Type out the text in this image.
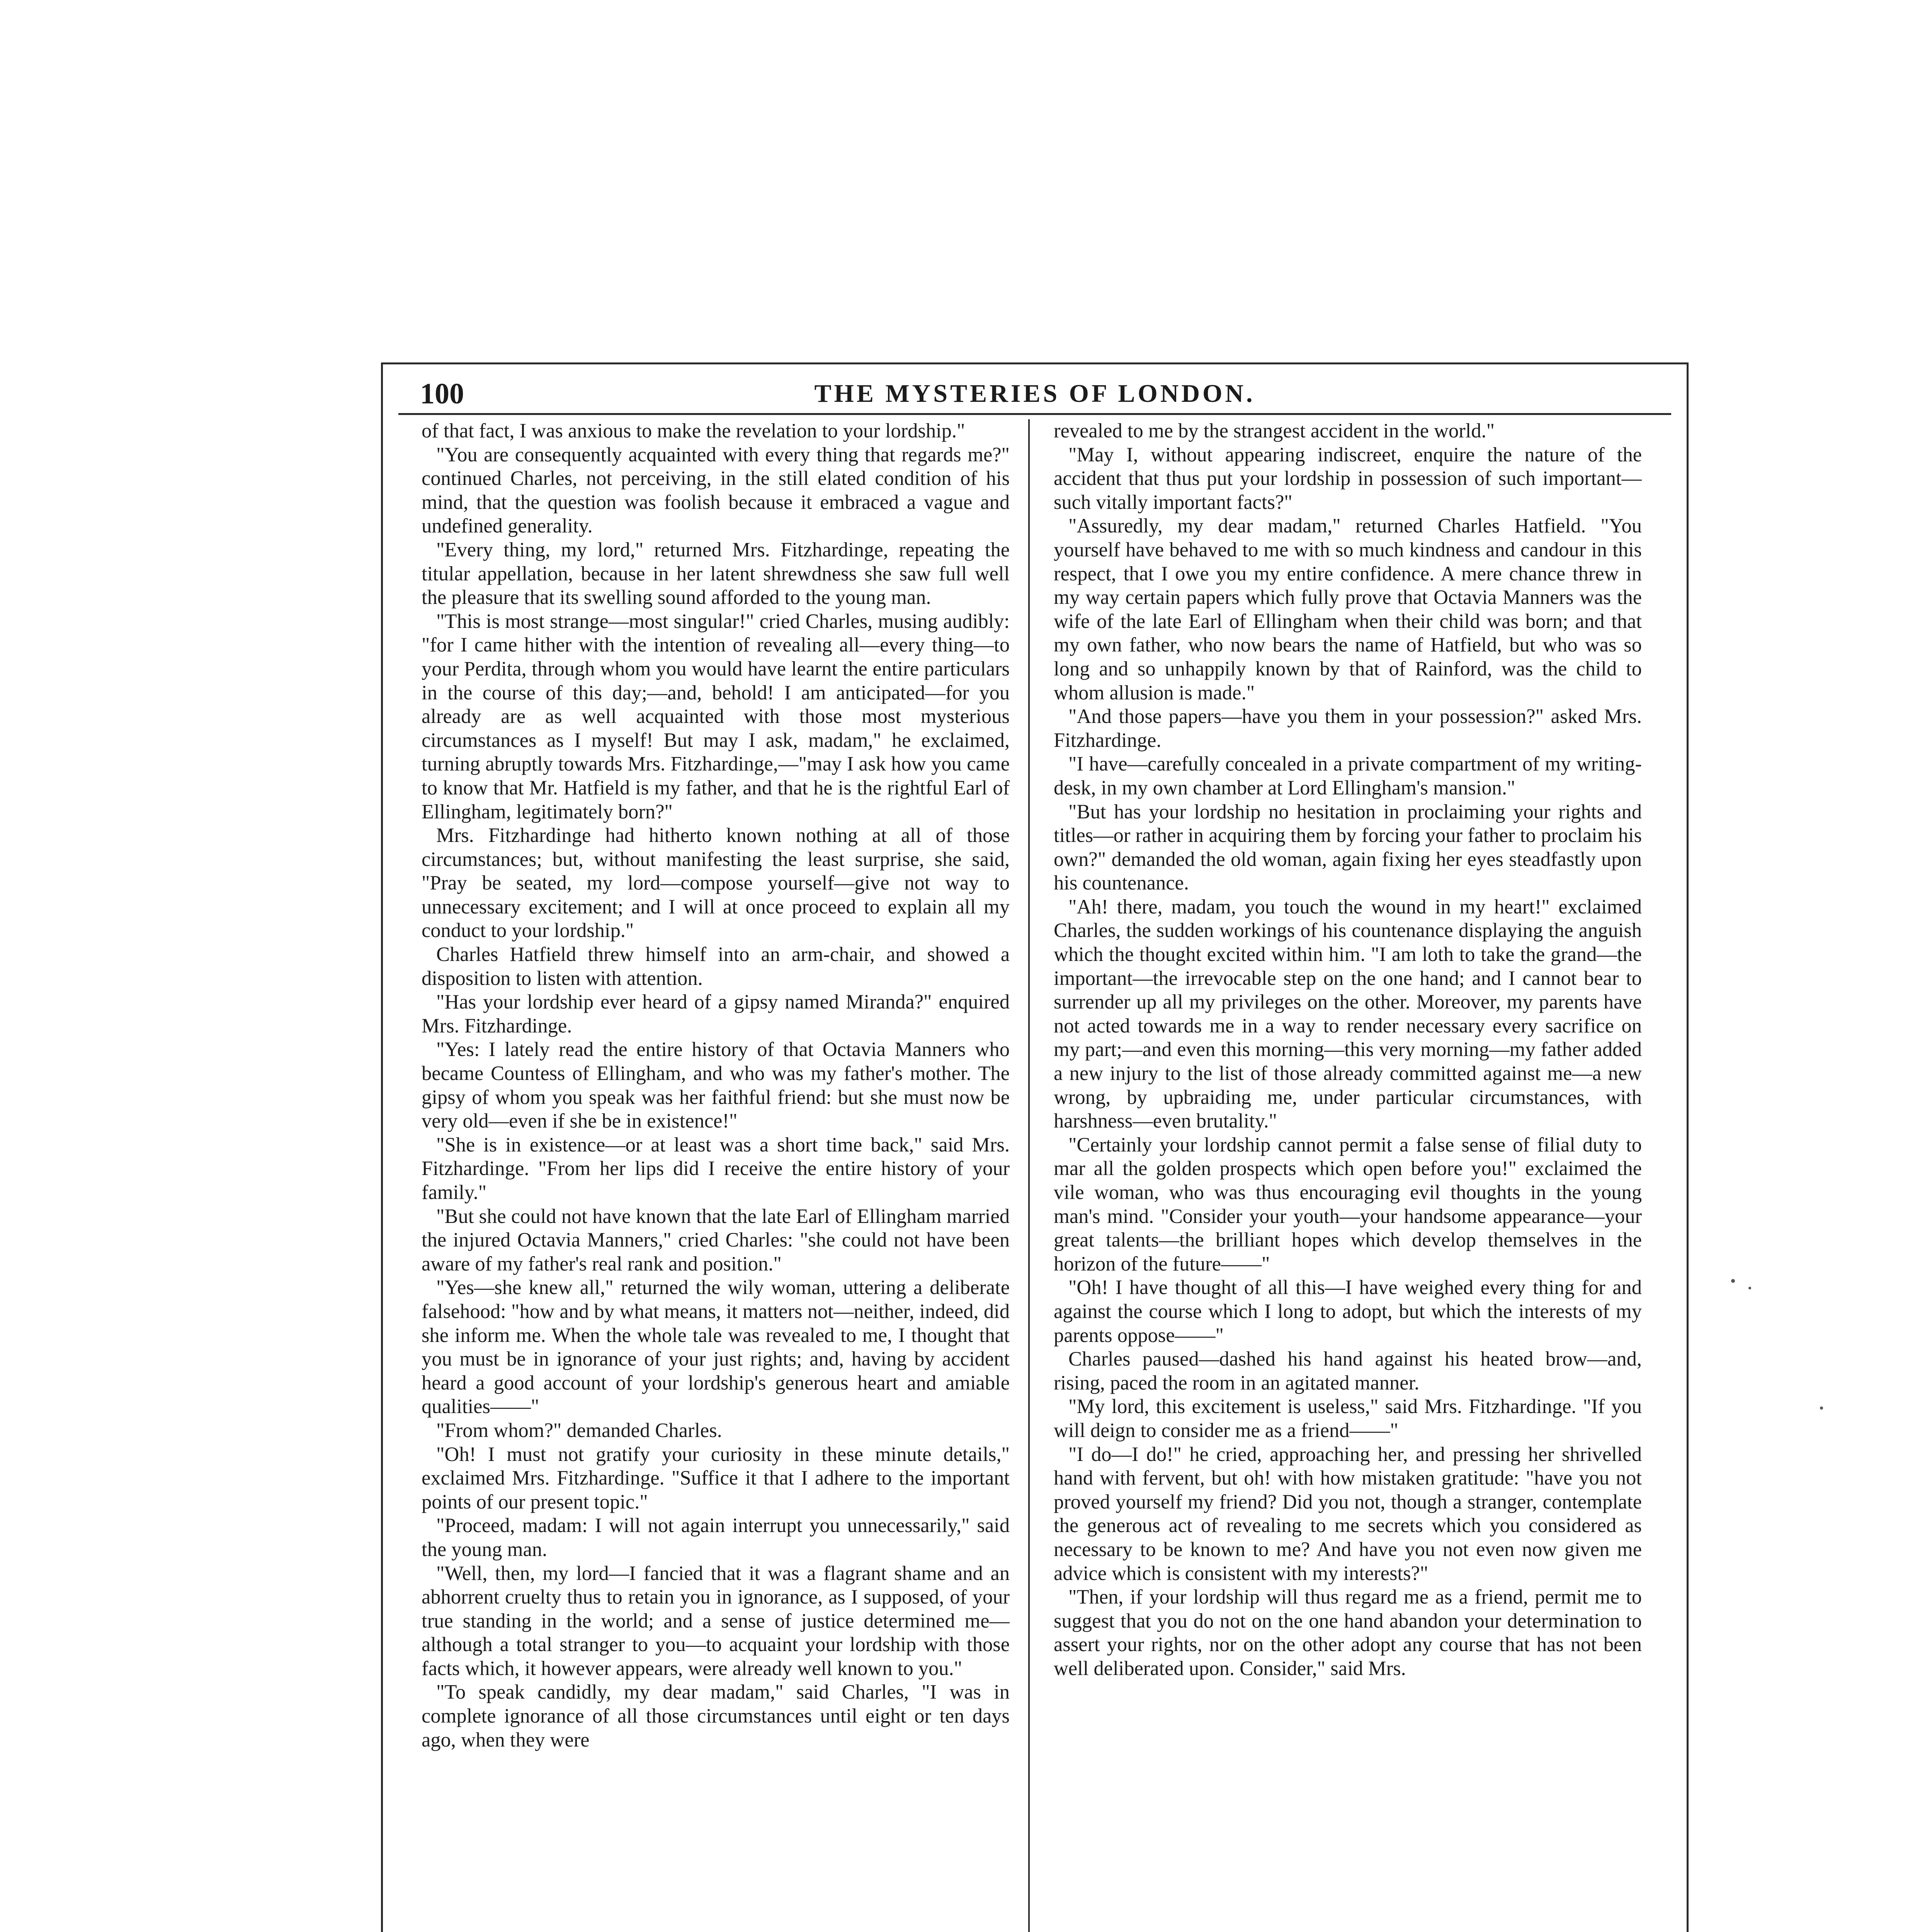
100	THE MYSTERIES OF LONDON.

of that fact, I was anxious to make the revelation to your lordship."

"You are consequently acquainted with every thing that regards me?" continued Charles, not perceiving, in the still elated condition of his mind, that the question was foolish because it embraced a vague and undefined generality.

"Every thing, my lord," returned Mrs. Fitzhardinge, repeating the titular appellation, because in her latent shrewdness she saw full well the pleasure that its swelling sound afforded to the young man.

"This is most strange—most singular!" cried Charles, musing audibly: "for I came hither with the intention of revealing all—every thing—to your Perdita, through whom you would have learnt the entire particulars in the course of this day;—and, behold! I am anticipated—for you already are as well acquainted with those most mysterious circumstances as I myself! But may I ask, madam," he exclaimed, turning abruptly towards Mrs. Fitzhardinge,—"may I ask how you came to know that Mr. Hatfield is my father, and that he is the rightful Earl of Ellingham, legitimately born?"

Mrs. Fitzhardinge had hitherto known nothing at all of those circumstances; but, without manifesting the least surprise, she said, "Pray be seated, my lord—compose yourself—give not way to unnecessary excitement; and I will at once proceed to explain all my conduct to your lordship."

Charles Hatfield threw himself into an arm-chair, and showed a disposition to listen with attention.

"Has your lordship ever heard of a gipsy named Miranda?" enquired Mrs. Fitzhardinge.

"Yes: I lately read the entire history of that Octavia Manners who became Countess of Ellingham, and who was my father's mother. The gipsy of whom you speak was her faithful friend: but she must now be very old—even if she be in existence!"

"She is in existence—or at least was a short time back," said Mrs. Fitzhardinge. "From her lips did I receive the entire history of your family."

"But she could not have known that the late Earl of Ellingham married the injured Octavia Manners," cried Charles: "she could not have been aware of my father's real rank and position."

"Yes—she knew all," returned the wily woman, uttering a deliberate falsehood: "how and by what means, it matters not—neither, indeed, did she inform me. When the whole tale was revealed to me, I thought that you must be in ignorance of your just rights; and, having by accident heard a good account of your lordship's generous heart and amiable qualities——"

"From whom?" demanded Charles.

"Oh! I must not gratify your curiosity in these minute details," exclaimed Mrs. Fitzhardinge. "Suffice it that I adhere to the important points of our present topic."

"Proceed, madam: I will not again interrupt you unnecessarily," said the young man.

"Well, then, my lord—I fancied that it was a flagrant shame and an abhorrent cruelty thus to retain you in ignorance, as I supposed, of your true standing in the world; and a sense of justice determined me—although a total stranger to you—to acquaint your lordship with those facts which, it however appears, were already well known to you."

"To speak candidly, my dear madam," said Charles, "I was in complete ignorance of all those circumstances until eight or ten days ago, when they were

revealed to me by the strangest accident in the world."

"May I, without appearing indiscreet, enquire the nature of the accident that thus put your lordship in possession of such important—such vitally important facts?"

"Assuredly, my dear madam," returned Charles Hatfield. "You yourself have behaved to me with so much kindness and candour in this respect, that I owe you my entire confidence. A mere chance threw in my way certain papers which fully prove that Octavia Manners was the wife of the late Earl of Ellingham when their child was born; and that my own father, who now bears the name of Hatfield, but who was so long and so unhappily known by that of Rainford, was the child to whom allusion is made."

"And those papers—have you them in your possession?" asked Mrs. Fitzhardinge.

"I have—carefully concealed in a private compartment of my writing-desk, in my own chamber at Lord Ellingham's mansion."

"But has your lordship no hesitation in proclaiming your rights and titles—or rather in acquiring them by forcing your father to proclaim his own?" demanded the old woman, again fixing her eyes steadfastly upon his countenance.

"Ah! there, madam, you touch the wound in my heart!" exclaimed Charles, the sudden workings of his countenance displaying the anguish which the thought excited within him. "I am loth to take the grand—the important—the irrevocable step on the one hand; and I cannot bear to surrender up all my privileges on the other. Moreover, my parents have not acted towards me in a way to render necessary every sacrifice on my part;—and even this morning—this very morning—my father added a new injury to the list of those already committed against me—a new wrong, by upbraiding me, under particular circumstances, with harshness—even brutality."

"Certainly your lordship cannot permit a false sense of filial duty to mar all the golden prospects which open before you!" exclaimed the vile woman, who was thus encouraging evil thoughts in the young man's mind. "Consider your youth—your handsome appearance—your great talents—the brilliant hopes which develop themselves in the horizon of the future——"

"Oh! I have thought of all this—I have weighed every thing for and against the course which I long to adopt, but which the interests of my parents oppose——"

Charles paused—dashed his hand against his heated brow—and, rising, paced the room in an agitated manner.

"My lord, this excitement is useless," said Mrs. Fitzhardinge. "If you will deign to consider me as a friend——"

"I do—I do!" he cried, approaching her, and pressing her shrivelled hand with fervent, but oh! with how mistaken gratitude: "have you not proved yourself my friend? Did you not, though a stranger, contemplate the generous act of revealing to me secrets which you considered as necessary to be known to me? And have you not even now given me advice which is consistent with my interests?"

"Then, if your lordship will thus regard me as a friend, permit me to suggest that you do not on the one hand abandon your determination to assert your rights, nor on the other adopt any course that has not been well deliberated upon. Consider," said Mrs.
